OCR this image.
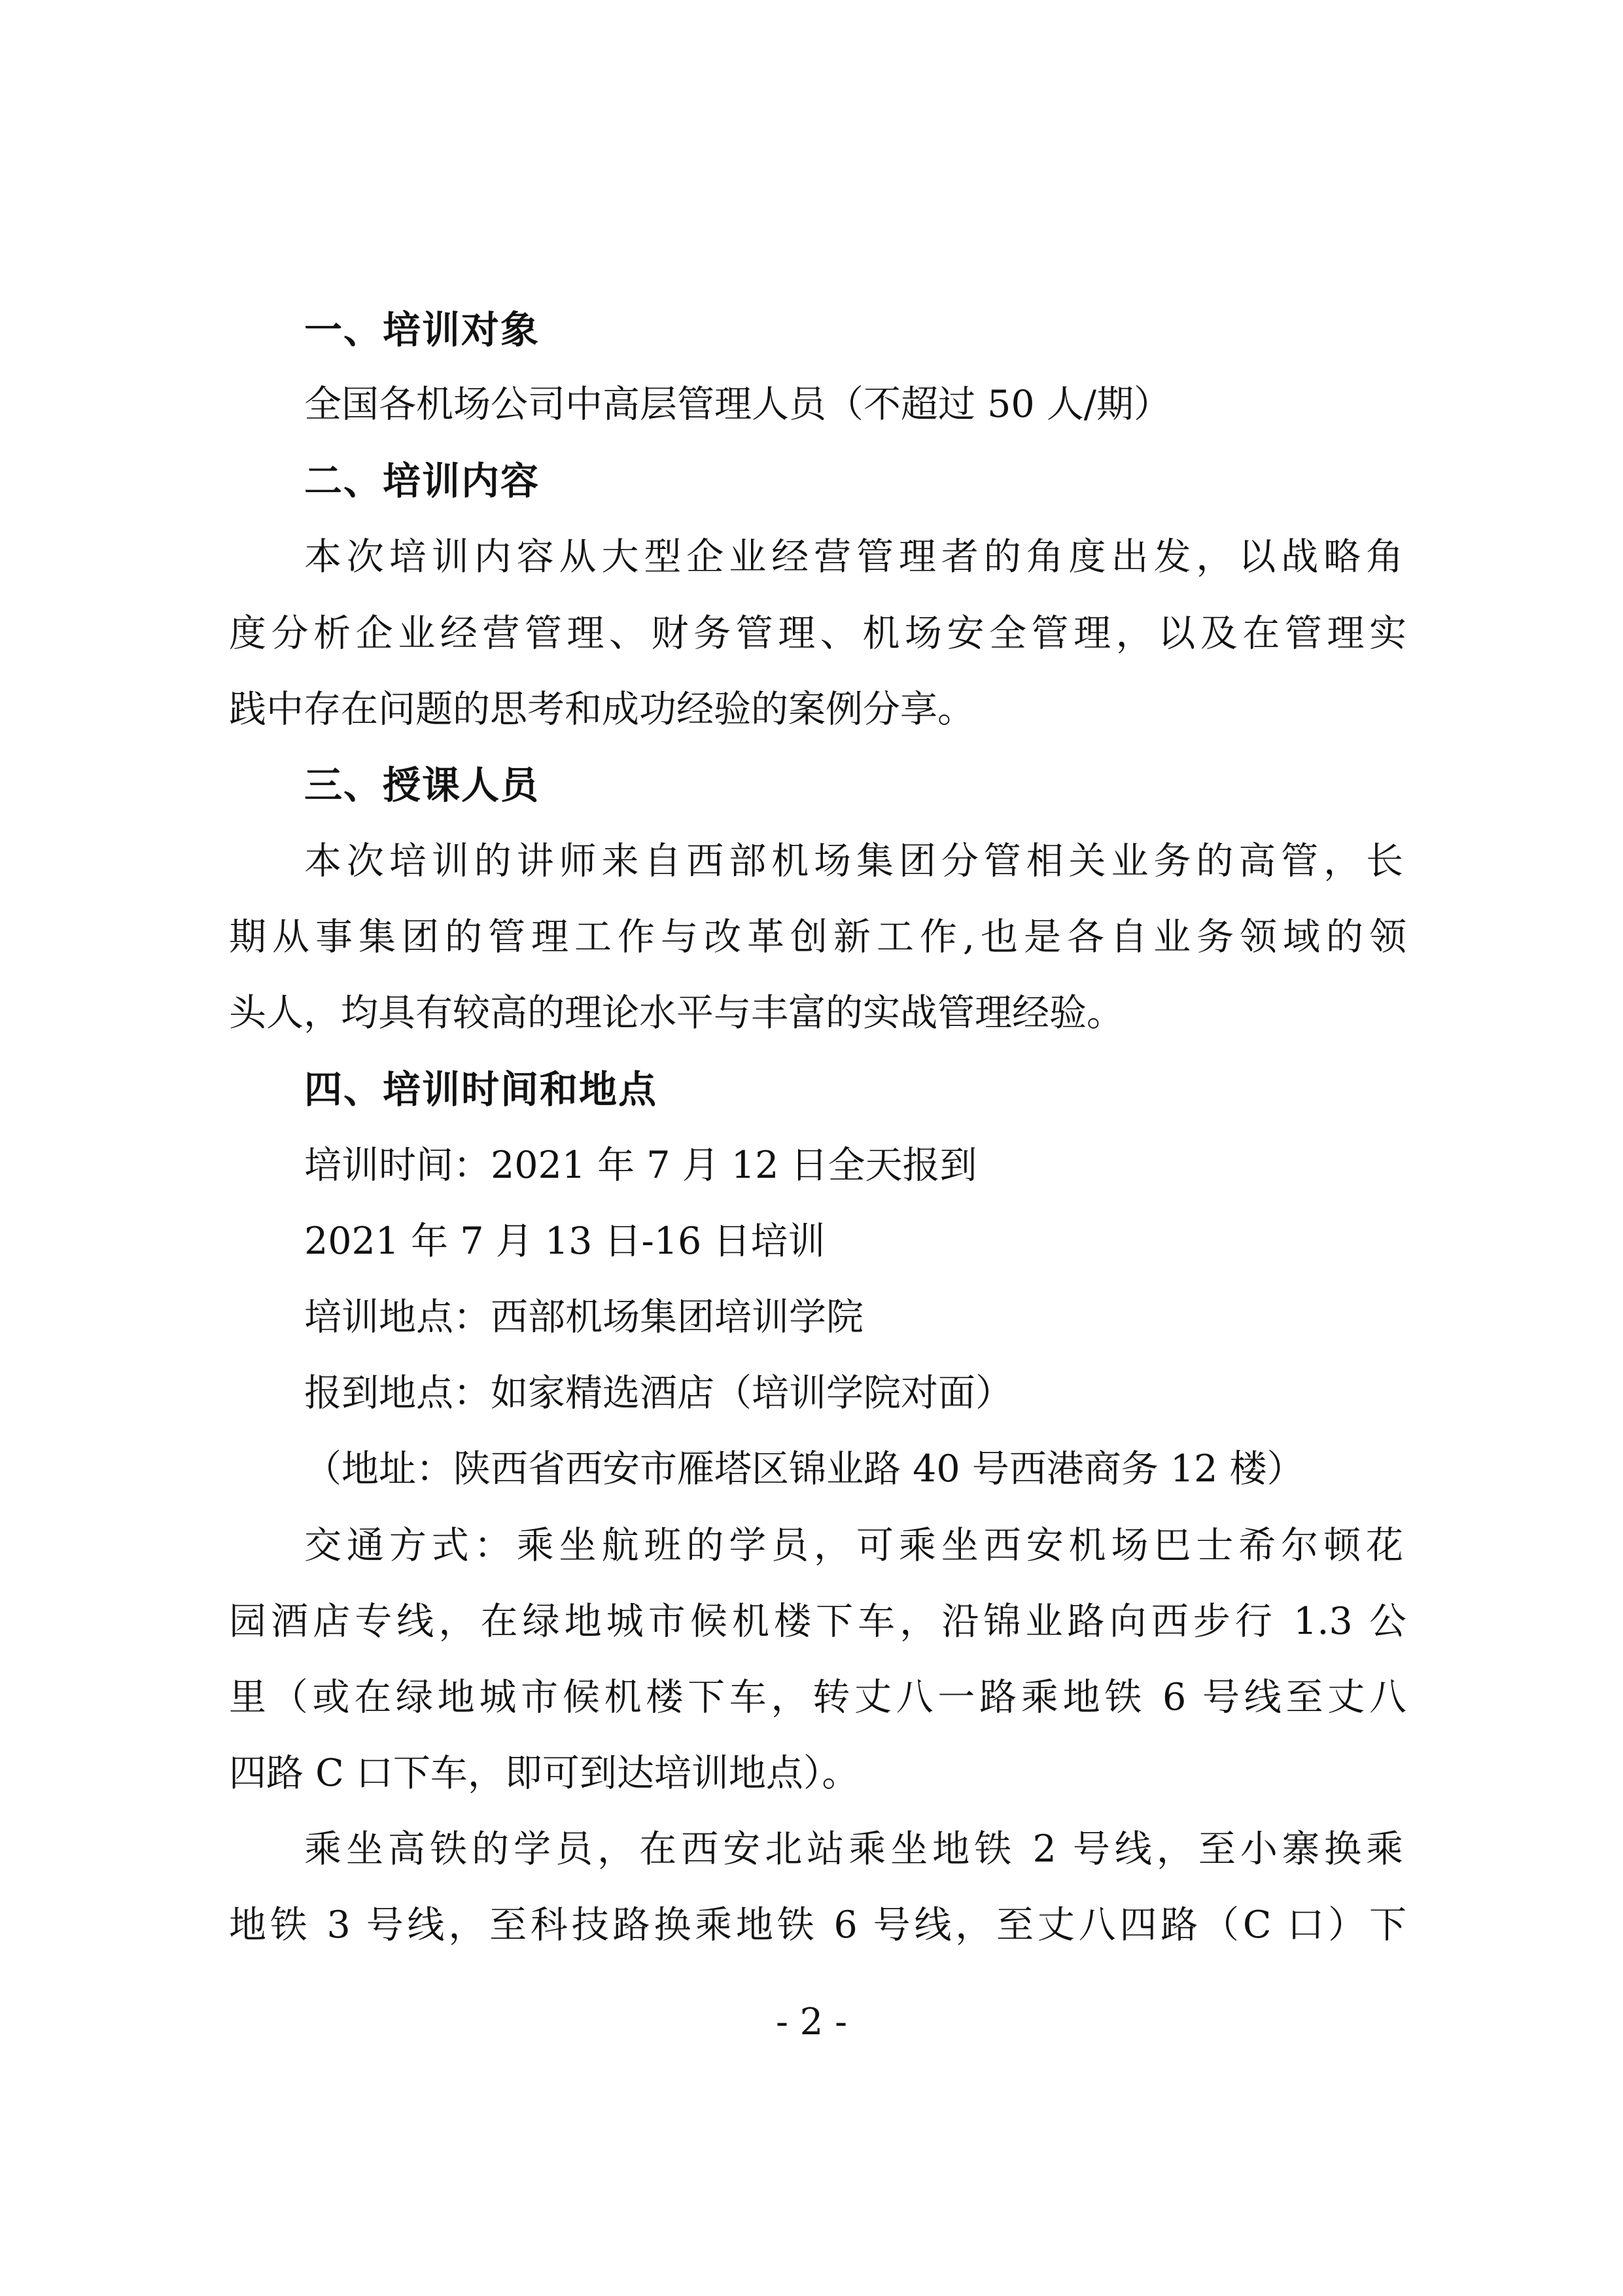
一、培训对象
全国各机场公司中高层管理人员（不超过 50 人/期）
二、培训内容
本次培训内容从大型企业经营管理者的角度出发，以战略角
度分析企业经营管理、财务管理、机场安全管理，以及在管理实
践中存在问题的思考和成功经验的案例分享。
三、授课人员
本次培训的讲师来自西部机场集团分管相关业务的高管，长
期从事集团的管理工作与改革创新工作,也是各自业务领域的领
头人，均具有较高的理论水平与丰富的实战管理经验。
四、培训时间和地点
培训时间：2021 年 7 月 12 日全天报到
2021 年 7 月 13 日-16 日培训
培训地点：西部机场集团培训学院
报到地点：如家精选酒店（培训学院对面）
（地址：陕西省西安市雁塔区锦业路 40 号西港商务 12 楼）
交通方式：乘坐航班的学员，可乘坐西安机场巴士希尔顿花
园酒店专线，在绿地城市候机楼下车，沿锦业路向西步行 1.3 公
里（或在绿地城市候机楼下车，转丈八一路乘地铁 6 号线至丈八
四路 C 口下车，即可到达培训地点）。
乘坐高铁的学员，在西安北站乘坐地铁 2 号线，至小寨换乘
地铁 3 号线，至科技路换乘地铁 6 号线，至丈八四路（C 口）下
- 2 -
